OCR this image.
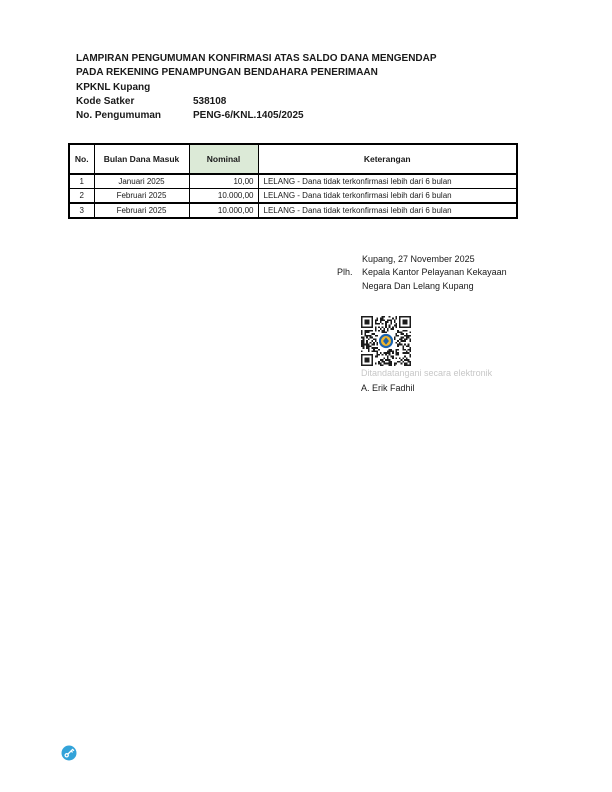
LAMPIRAN PENGUMUMAN KONFIRMASI ATAS SALDO DANA MENGENDAP
PADA REKENING PENAMPUNGAN BENDAHARA PENERIMAAN
KPKNL Kupang
Kode Satker	538108
No. Pengumuman	PENG-6/KNL.1405/2025
No.	Bulan Dana Masuk	Nominal	Keterangan
1	Januari 2025	10,00	LELANG - Dana tidak terkonfirmasi lebih dari 6 bulan
2	Februari 2025	10.000,00	LELANG - Dana tidak terkonfirmasi lebih dari 6 bulan
3	Februari 2025	10.000,00	LELANG - Dana tidak terkonfirmasi lebih dari 6 bulan
Kupang, 27 November 2025
Plh.	Kepala Kantor Pelayanan Kekayaan
Negara Dan Lelang Kupang
Ditandatangani secara elektronik
A. Erik Fadhil
